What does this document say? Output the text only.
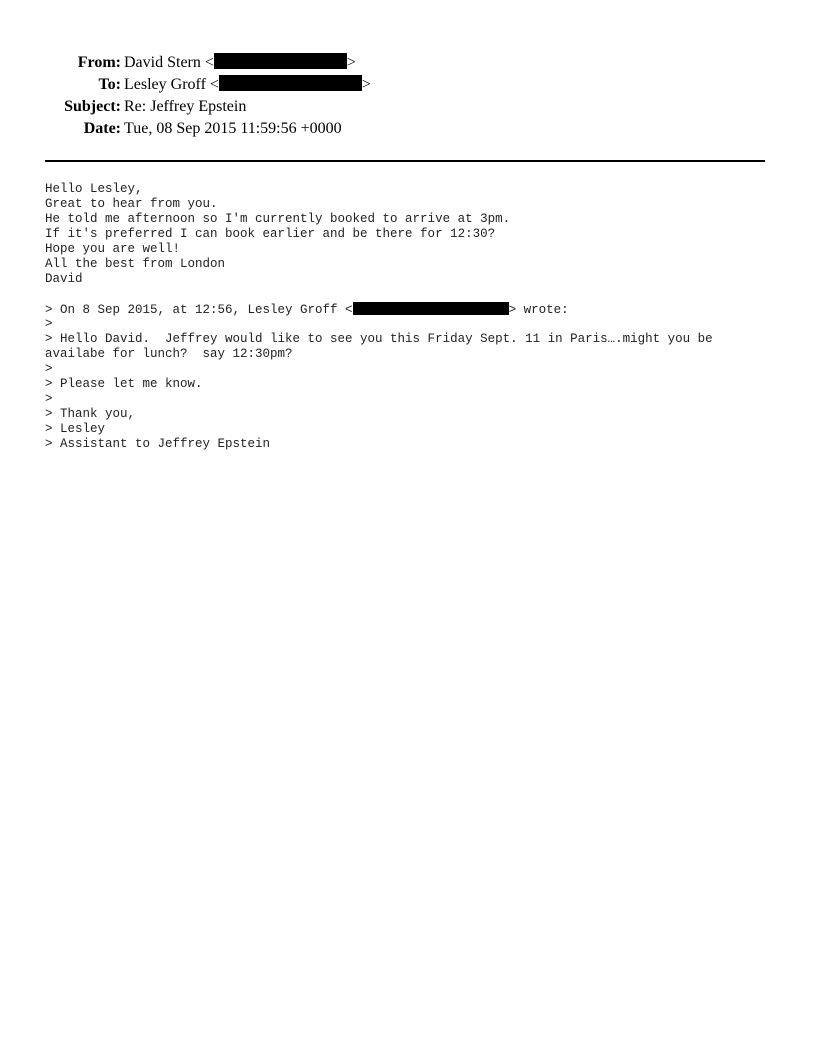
From: David Stern <	>
To: Lesley Groff <	>
Subject: Re: Jeffrey Epstein
Date: Tue, 08 Sep 2015 11:59:56 +0000
Hello Lesley,
Great to hear from you.
He told me afternoon so I'm currently booked to arrive at 3pm.
If it's preferred I can book earlier and be there for 12:30?
Hope you are well!
All the best from London
David
> On 8 Sep 2015, at 12:56, Lesley Groff <	> wrote:
>
> Hello David.  Jeffrey would like to see you this Friday Sept. 11 in Paris….might you be
availabe for lunch?  say 12:30pm?
>
> Please let me know.
>
> Thank you,
> Lesley
> Assistant to Jeffrey Epstein
